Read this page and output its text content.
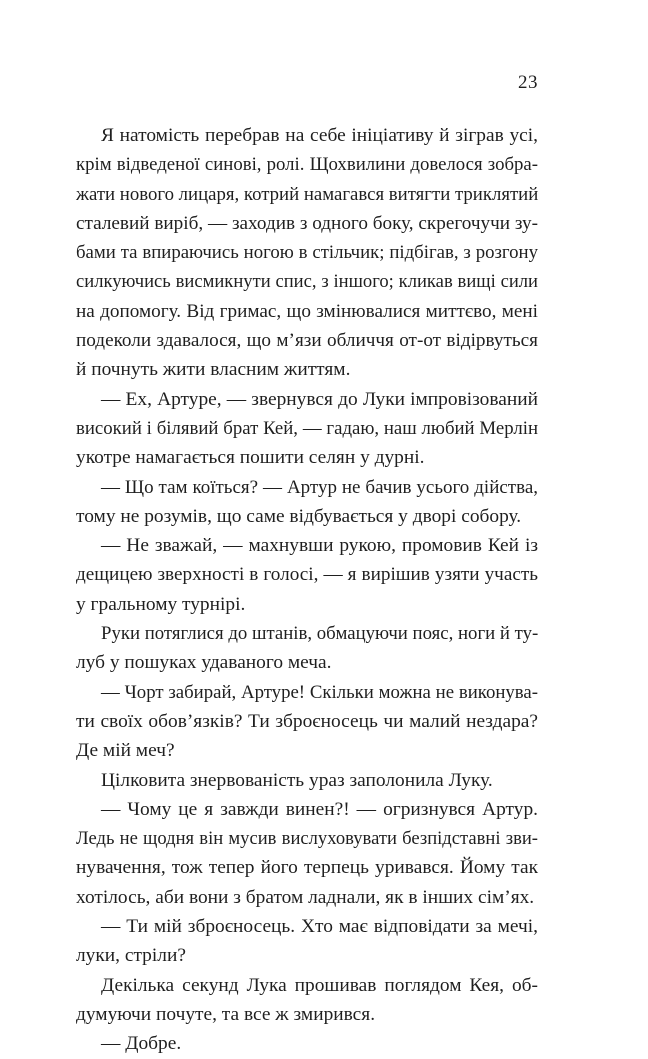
23
Я натомість перебрав на себе ініціативу й зіграв усі,
крім відведеної синові, ролі. Щохвилини довелося зобра-
жати нового лицаря, котрий намагався витягти триклятий
сталевий виріб, — заходив з одного боку, скрегочучи зу-
бами та впираючись ногою в стільчик; підбігав, з розгону
силкуючись висмикнути спис, з іншого; кликав вищі сили
на допомогу. Від гримас, що змінювалися миттєво, мені
подеколи здавалося, що м’язи обличчя от-от відірвуться
й почнуть жити власним життям.
— Ех, Артуре, — звернувся до Луки імпровізований
високий і білявий брат Кей, — гадаю, наш любий Мерлін
укотре намагається пошити селян у дурні.
— Що там коїться? — Артур не бачив усього дійства,
тому не розумів, що саме відбувається у дворі собору.
— Не зважай, — махнувши рукою, промовив Кей із
дещицею зверхності в голосі, — я вирішив узяти участь
у гральному турнірі.
Руки потяглися до штанів, обмацуючи пояс, ноги й ту-
луб у пошуках удаваного меча.
— Чорт забирай, Артуре! Скільки можна не виконува-
ти своїх обов’язків? Ти зброєносець чи малий нездара?
Де мій меч?
Цілковита знервованість ураз заполонила Луку.
— Чому це я завжди винен?! — огризнувся Артур.
Ледь не щодня він мусив вислуховувати безпідставні зви-
нувачення, тож тепер його терпець уривався. Йому так
хотілось, аби вони з братом ладнали, як в інших сім’ях.
— Ти мій зброєносець. Хто має відповідати за мечі,
луки, стріли?
Декілька секунд Лука прошивав поглядом Кея, об-
думуючи почуте, та все ж змирився.
— Добре.
